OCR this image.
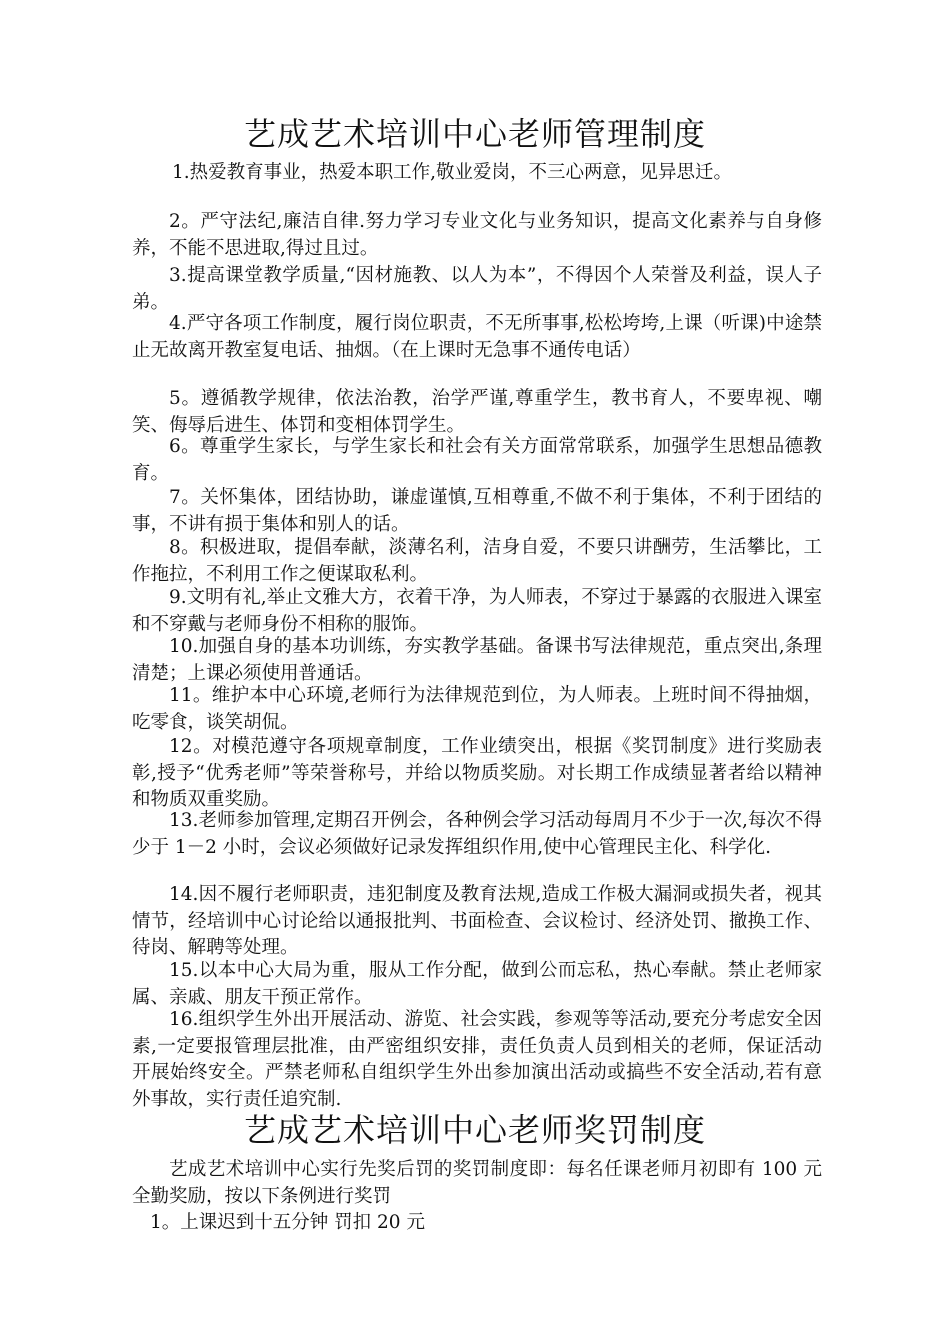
艺成艺术培训中心老师管理制度

1.热爱教育事业，热爱本职工作,敬业爱岗，不三心两意，见异思迁。

2。严守法纪,廉洁自律.努力学习专业文化与业务知识，提高文化素养与自身修养，不能不思进取,得过且过。

3.提高课堂教学质量,“因材施教、以人为本”，不得因个人荣誉及利益，误人子弟。

4.严守各项工作制度，履行岗位职责，不无所事事,松松垮垮,上课（听课)中途禁止无故离开教室复电话、抽烟。（在上课时无急事不通传电话）

5。遵循教学规律，依法治教，治学严谨,尊重学生，教书育人，不要卑视、嘲笑、侮辱后进生、体罚和变相体罚学生。

6。尊重学生家长，与学生家长和社会有关方面常常联系，加强学生思想品德教育。

7。关怀集体，团结协助，谦虚谨慎,互相尊重,不做不利于集体，不利于团结的事，不讲有损于集体和别人的话。

8。积极进取，提倡奉献，淡薄名利，洁身自爱，不要只讲酬劳，生活攀比，工作拖拉，不利用工作之便谋取私利。

9.文明有礼,举止文雅大方，衣着干净，为人师表，不穿过于暴露的衣服进入课室和不穿戴与老师身份不相称的服饰。

10.加强自身的基本功训练，夯实教学基础。备课书写法律规范，重点突出,条理清楚；上课必须使用普通话。

11。维护本中心环境,老师行为法律规范到位，为人师表。上班时间不得抽烟，吃零食，谈笑胡侃。

12。对模范遵守各项规章制度，工作业绩突出，根据《奖罚制度》进行奖励表彰,授予“优秀老师”等荣誉称号，并给以物质奖励。对长期工作成绩显著者给以精神和物质双重奖励。

13.老师参加管理,定期召开例会，各种例会学习活动每周月不少于一次,每次不得少于 1－2 小时，会议必须做好记录发挥组织作用,使中心管理民主化、科学化.

14.因不履行老师职责，违犯制度及教育法规,造成工作极大漏洞或损失者，视其情节，经培训中心讨论给以通报批判、书面检查、会议检讨、经济处罚、撤换工作、待岗、解聘等处理。

15.以本中心大局为重，服从工作分配，做到公而忘私，热心奉献。禁止老师家属、亲戚、朋友干预正常作。

16.组织学生外出开展活动、游览、社会实践，参观等等活动,要充分考虑安全因素,一定要报管理层批准，由严密组织安排，责任负责人员到相关的老师，保证活动开展始终安全。严禁老师私自组织学生外出参加演出活动或搞些不安全活动,若有意外事故，实行责任追究制.

艺成艺术培训中心老师奖罚制度

艺成艺术培训中心实行先奖后罚的奖罚制度即：每名任课老师月初即有 100 元全勤奖励，按以下条例进行奖罚

1。上课迟到十五分钟 罚扣 20 元
